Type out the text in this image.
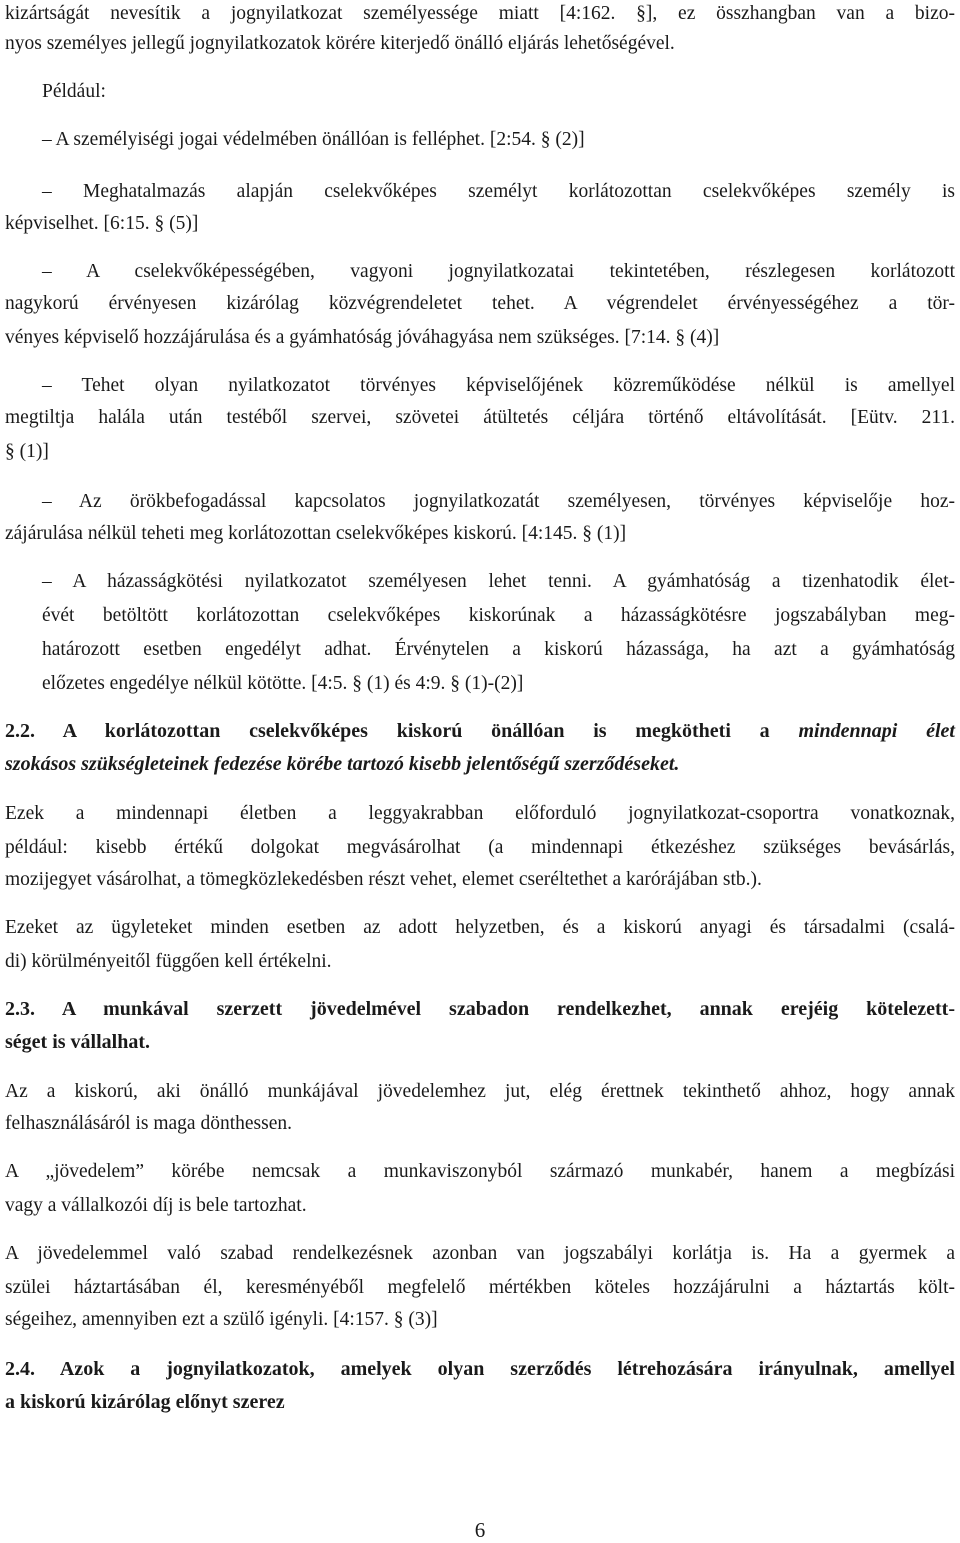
kizártságát nevesítik a jognyilatkozat személyessége miatt [4:162. §], ez összhangban van a bizo-
nyos személyes jellegű jognyilatkozatok körére kiterjedő önálló eljárás lehetőségével.
Például:
– A személyiségi jogai védelmében önállóan is felléphet. [2:54. § (2)]
– Meghatalmazás alapján cselekvőképes személyt korlátozottan cselekvőképes személy is
képviselhet. [6:15. § (5)]
– A cselekvőképességében, vagyoni jognyilatkozatai tekintetében, részlegesen korlátozott
nagykorú érvényesen kizárólag közvégrendeletet tehet. A végrendelet érvényességéhez a tör-
vényes képviselő hozzájárulása és a gyámhatóság jóváhagyása nem szükséges. [7:14. § (4)]
– Tehet olyan nyilatkozatot törvényes képviselőjének közreműködése nélkül is amellyel
megtiltja halála után testéből szervei, szövetei átültetés céljára történő eltávolítását. [Eütv. 211.
§ (1)]
– Az örökbefogadással kapcsolatos jognyilatkozatát személyesen, törvényes képviselője hoz-
zájárulása nélkül teheti meg korlátozottan cselekvőképes kiskorú. [4:145. § (1)]
– A házasságkötési nyilatkozatot személyesen lehet tenni. A gyámhatóság a tizenhatodik élet-
évét betöltött korlátozottan cselekvőképes kiskorúnak a házasságkötésre jogszabályban meg-
határozott esetben engedélyt adhat. Érvénytelen a kiskorú házassága, ha azt a gyámhatóság
előzetes engedélye nélkül kötötte. [4:5. § (1) és 4:9. § (1)-(2)]
2.2. A korlátozottan cselekvőképes kiskorú önállóan is megkötheti a mindennapi élet
szokásos szükségleteinek fedezése körébe tartozó kisebb jelentőségű szerződéseket.
Ezek a mindennapi életben a leggyakrabban előforduló jognyilatkozat-csoportra vonatkoznak,
például: kisebb értékű dolgokat megvásárolhat (a mindennapi étkezéshez szükséges bevásárlás,
mozijegyet vásárolhat, a tömegközlekedésben részt vehet, elemet cseréltethet a karórájában stb.).
Ezeket az ügyleteket minden esetben az adott helyzetben, és a kiskorú anyagi és társadalmi (csalá-
di) körülményeitől függően kell értékelni.
2.3. A munkával szerzett jövedelmével szabadon rendelkezhet, annak erejéig kötelezett-
séget is vállalhat.
Az a kiskorú, aki önálló munkájával jövedelemhez jut, elég érettnek tekinthető ahhoz, hogy annak
felhasználásáról is maga dönthessen.
A „jövedelem” körébe nemcsak a munkaviszonyból származó munkabér, hanem a megbízási
vagy a vállalkozói díj is bele tartozhat.
A jövedelemmel való szabad rendelkezésnek azonban van jogszabályi korlátja is. Ha a gyermek a
szülei háztartásában él, keresményéből megfelelő mértékben köteles hozzájárulni a háztartás költ-
ségeihez, amennyiben ezt a szülő igényli. [4:157. § (3)]
2.4. Azok a jognyilatkozatok, amelyek olyan szerződés létrehozására irányulnak, amellyel
a kiskorú kizárólag előnyt szerez
6
